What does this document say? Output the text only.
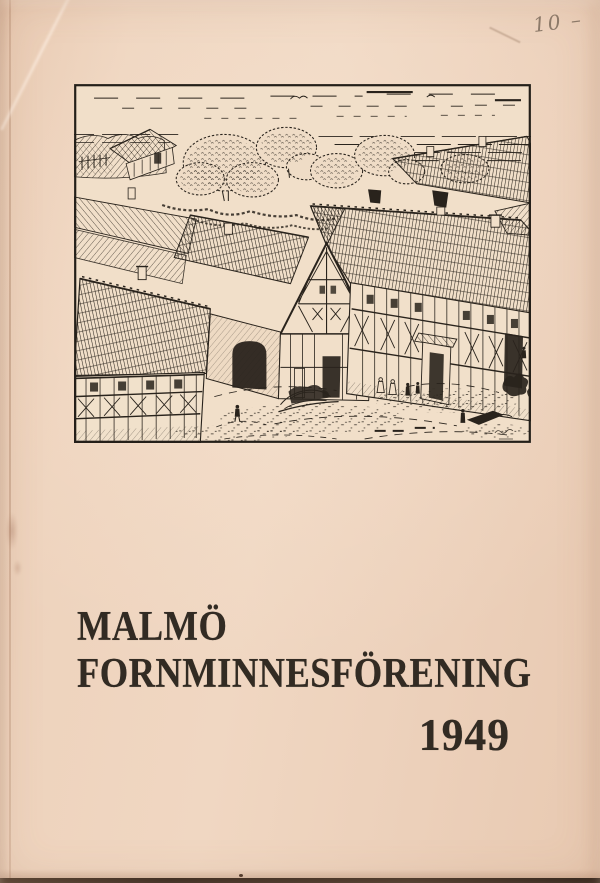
10 –
MALMÖ
FORNMINNESFÖRENING
1949
